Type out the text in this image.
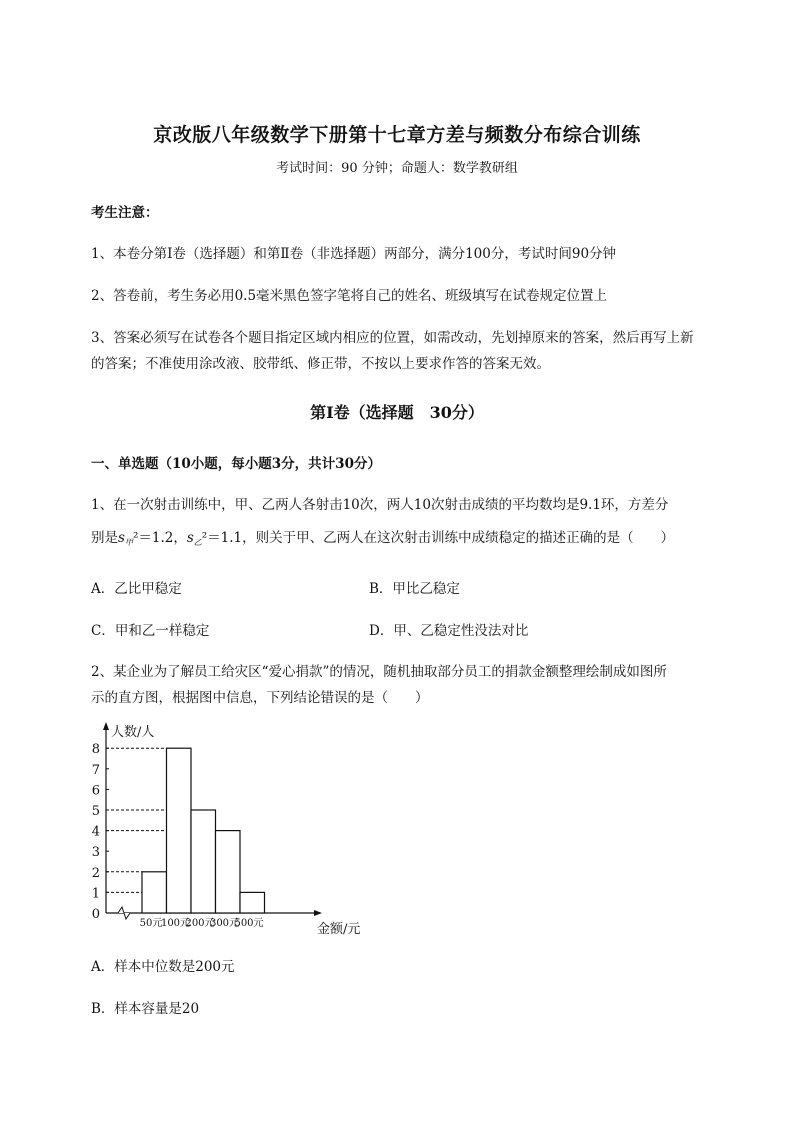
京改版八年级数学下册第十七章方差与频数分布综合训练
考试时间：90 分钟；命题人：数学教研组
考生注意：
1、本卷分第Ⅰ卷（选择题）和第Ⅱ卷（非选择题）两部分，满分100分，考试时间90分钟
2、答卷前，考生务必用0.5毫米黑色签字笔将自己的姓名、班级填写在试卷规定位置上
3、答案必须写在试卷各个题目指定区域内相应的位置，如需改动，先划掉原来的答案，然后再写上新
的答案；不准使用涂改液、胶带纸、修正带，不按以上要求作答的答案无效。
第Ⅰ卷（选择题　30分）
一、单选题（10小题，每小题3分，共计30分）
1、在一次射击训练中，甲、乙两人各射击10次，两人10次射击成绩的平均数均是9.1环，方差分
别是$s_甲^2=1.2$，$s_乙^2=1.1$，则关于甲、乙两人在这次射击训练中成绩稳定的描述正确的是（　　）
A．乙比甲稳定	B．甲比乙稳定
C．甲和乙一样稳定	D．甲、乙稳定性没法对比
2、某企业为了解员工给灾区“爱心捐款”的情况，随机抽取部分员工的捐款金额整理绘制成如图所
示的直方图，根据图中信息，下列结论错误的是（　　）
0
1
2
3
4
5
6
7
8
人数/人
金额/元
50元
100元
200元
300元
500元
A．样本中位数是200元
B．样本容量是20
